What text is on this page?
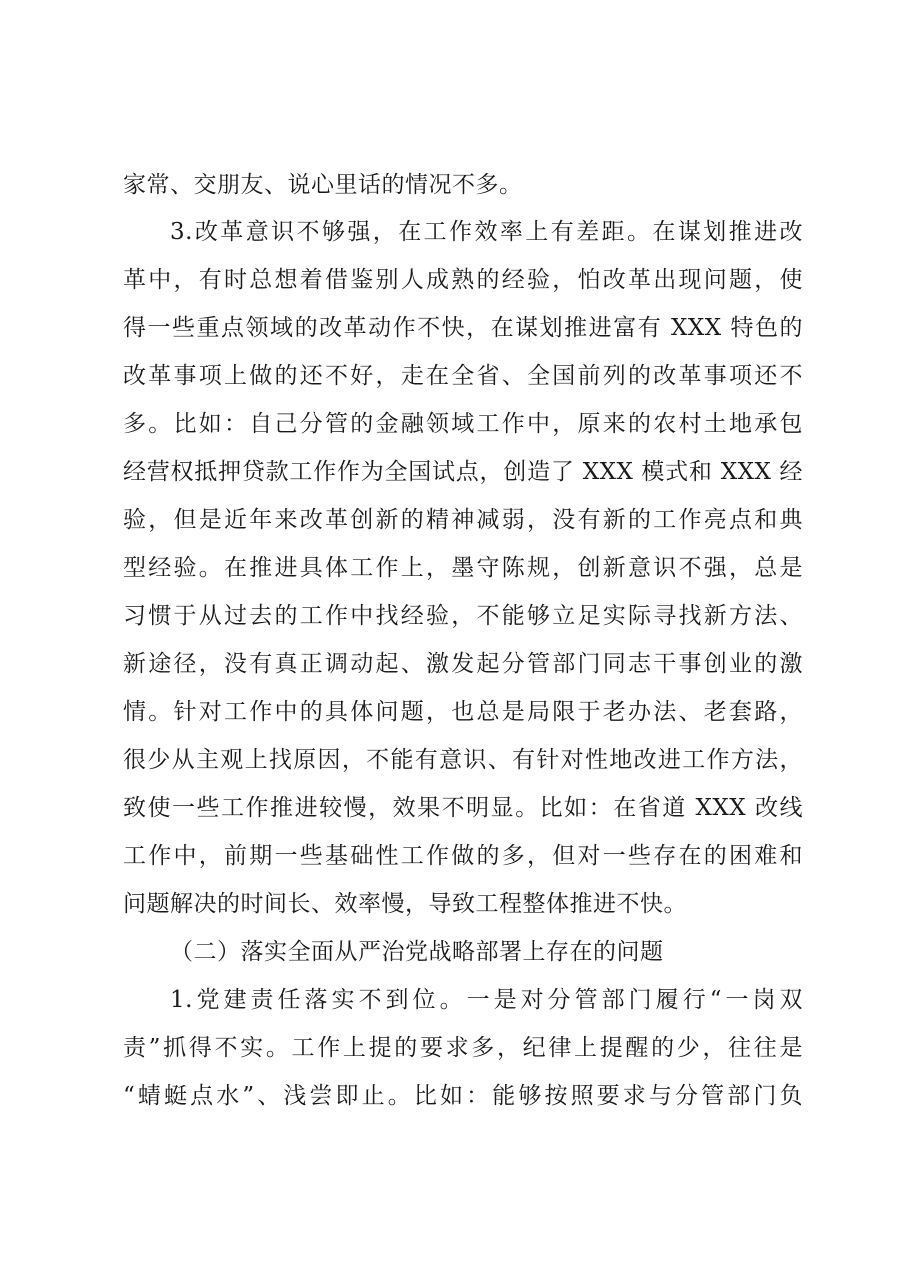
家常、交朋友、说心里话的情况不多。
3.改革意识不够强，在工作效率上有差距。在谋划推进改
革中，有时总想着借鉴别人成熟的经验，怕改革出现问题，使
得一些重点领域的改革动作不快，在谋划推进富有 XXX 特色的
改革事项上做的还不好，走在全省、全国前列的改革事项还不
多。比如：自己分管的金融领域工作中，原来的农村土地承包
经营权抵押贷款工作作为全国试点，创造了 XXX 模式和 XXX 经
验，但是近年来改革创新的精神减弱，没有新的工作亮点和典
型经验。在推进具体工作上，墨守陈规，创新意识不强，总是
习惯于从过去的工作中找经验，不能够立足实际寻找新方法、
新途径，没有真正调动起、激发起分管部门同志干事创业的激
情。针对工作中的具体问题，也总是局限于老办法、老套路，
很少从主观上找原因，不能有意识、有针对性地改进工作方法，
致使一些工作推进较慢，效果不明显。比如：在省道 XXX 改线
工作中，前期一些基础性工作做的多，但对一些存在的困难和
问题解决的时间长、效率慢，导致工程整体推进不快。
（二）落实全面从严治党战略部署上存在的问题
1.党建责任落实不到位。一是对分管部门履行“一岗双
责”抓得不实。工作上提的要求多，纪律上提醒的少，往往是
“蜻蜓点水”、浅尝即止。比如：能够按照要求与分管部门负
